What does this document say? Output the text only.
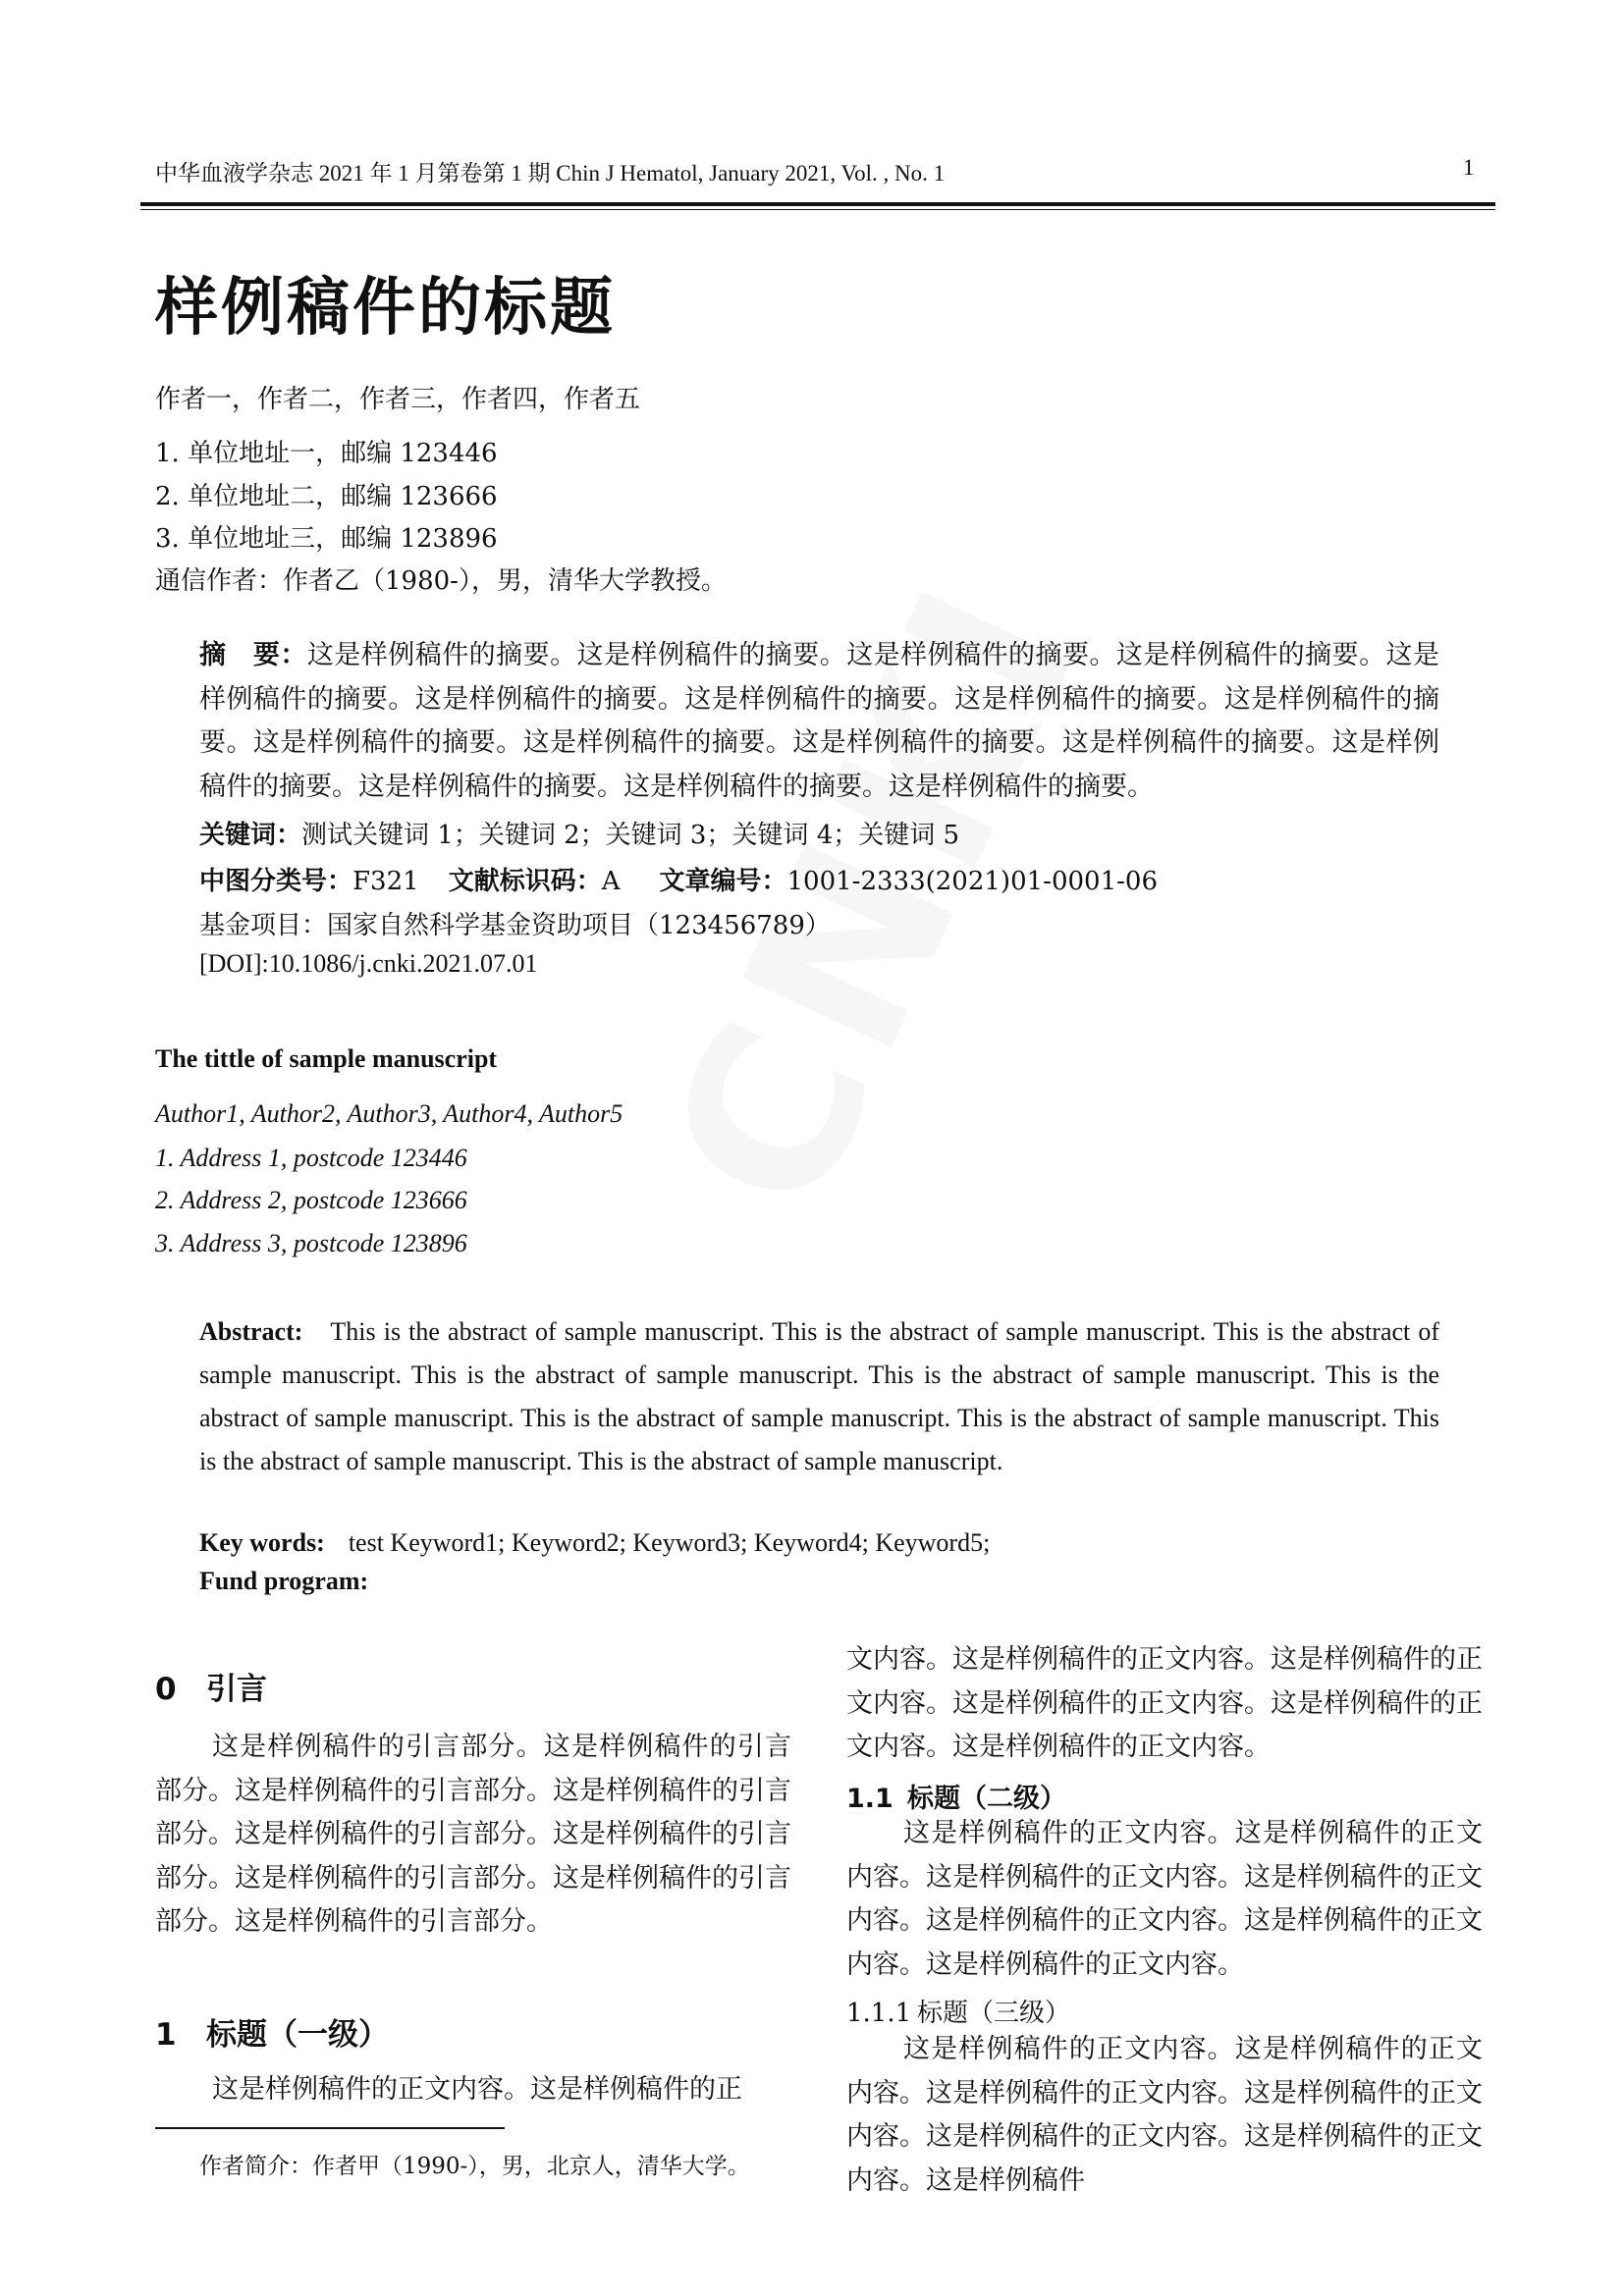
中华血液学杂志 2021 年 1 月第卷第 1 期 Chin J Hematol, January 2021, Vol. , No. 1	1
样例稿件的标题
作者一，作者二，作者三，作者四，作者五
1. 单位地址一，邮编 123446
2. 单位地址二，邮编 123666
3. 单位地址三，邮编 123896
通信作者：作者乙（1980-），男，清华大学教授。
摘　要：这是样例稿件的摘要。这是样例稿件的摘要。这是样例稿件的摘要。这是样例稿件的摘要。这是样例稿件的摘要。这是样例稿件的摘要。这是样例稿件的摘要。这是样例稿件的摘要。这是样例稿件的摘要。这是样例稿件的摘要。这是样例稿件的摘要。这是样例稿件的摘要。这是样例稿件的摘要。这是样例稿件的摘要。这是样例稿件的摘要。这是样例稿件的摘要。这是样例稿件的摘要。
关键词：测试关键词 1；关键词 2；关键词 3；关键词 4；关键词 5
中图分类号：F321 文献标识码：A 文章编号：1001-2333(2021)01-0001-06
基金项目：国家自然科学基金资助项目（123456789）
[DOI]:10.1086/j.cnki.2021.07.01
The tittle of sample manuscript
Author1, Author2, Author3, Author4, Author5
1. Address 1, postcode 123446
2. Address 2, postcode 123666
3. Address 3, postcode 123896
Abstract: This is the abstract of sample manuscript. This is the abstract of sample manuscript. This is the abstract of sample manuscript. This is the abstract of sample manuscript. This is the abstract of sample manuscript. This is the abstract of sample manuscript. This is the abstract of sample manuscript. This is the abstract of sample manuscript. This is the abstract of sample manuscript. This is the abstract of sample manuscript.
Key words: test Keyword1; Keyword2; Keyword3; Keyword4; Keyword5;
Fund program:
0 引言
这是样例稿件的引言部分。这是样例稿件的引言部分。这是样例稿件的引言部分。这是样例稿件的引言部分。这是样例稿件的引言部分。这是样例稿件的引言部分。这是样例稿件的引言部分。这是样例稿件的引言部分。这是样例稿件的引言部分。
1 标题（一级）
这是样例稿件的正文内容。这是样例稿件的正
文内容。这是样例稿件的正文内容。这是样例稿件的正文内容。这是样例稿件的正文内容。这是样例稿件的正文内容。这是样例稿件的正文内容。
1.1 标题（二级）
这是样例稿件的正文内容。这是样例稿件的正文内容。这是样例稿件的正文内容。这是样例稿件的正文内容。这是样例稿件的正文内容。这是样例稿件的正文内容。这是样例稿件的正文内容。
1.1.1 标题（三级）
这是样例稿件的正文内容。这是样例稿件的正文内容。这是样例稿件的正文内容。这是样例稿件的正文内容。这是样例稿件的正文内容。这是样例稿件的正文内容。这是样例稿件
作者简介：作者甲（1990-），男，北京人，清华大学。
